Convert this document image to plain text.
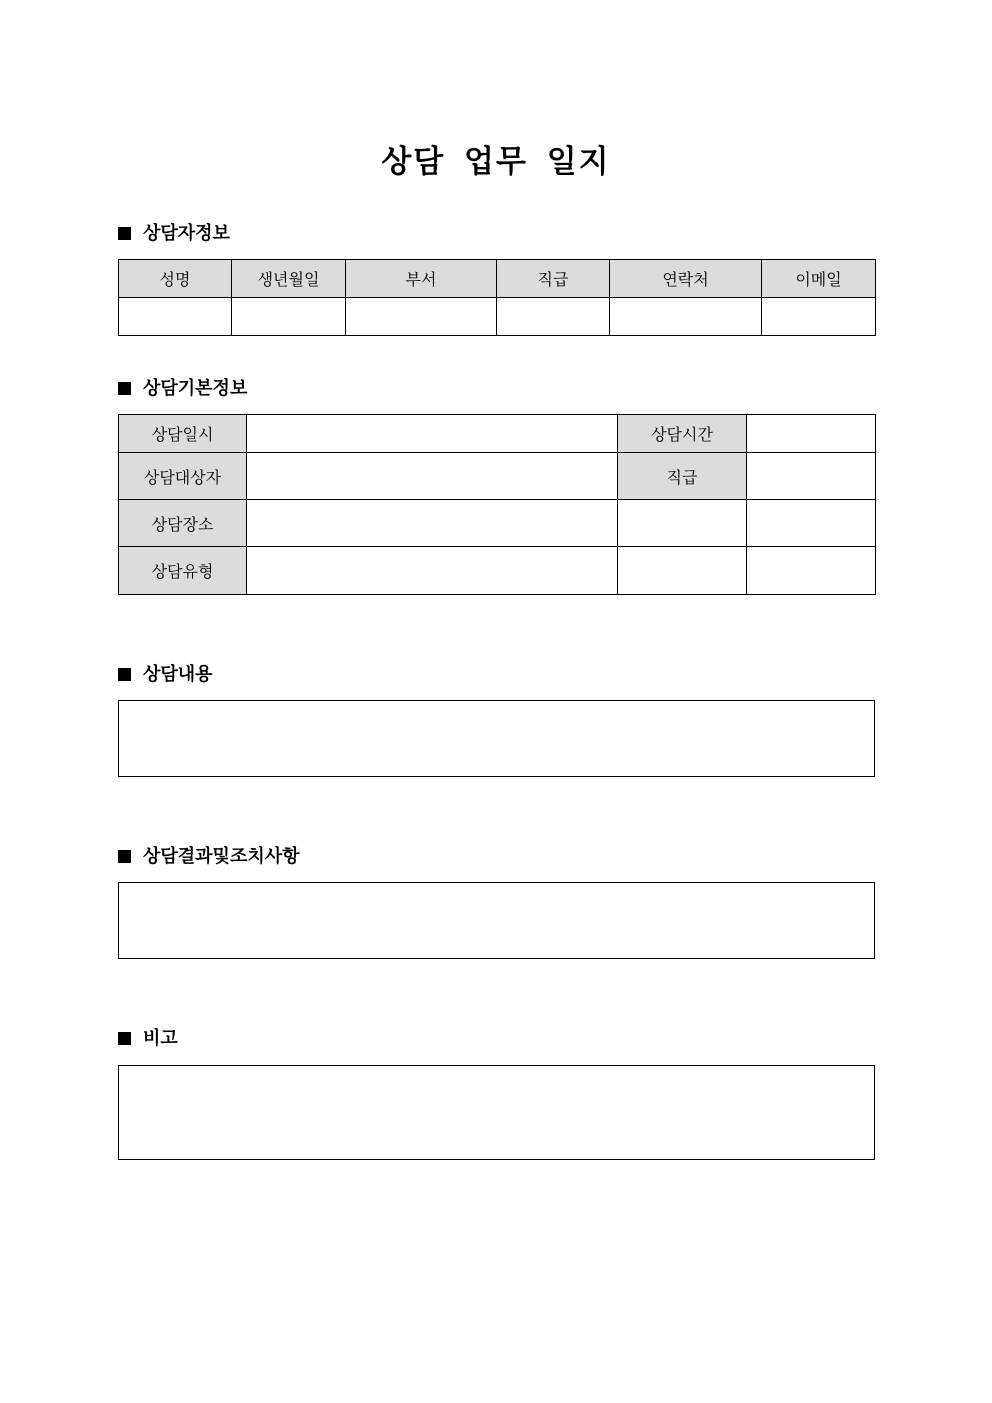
상담 업무 일지
상담자정보
성명	생년월일	부서	직급	연락처	이메일

상담기본정보
상담일시		상담시간	
상담대상자		직급	
상담장소			
상담유형			
상담내용
상담결과및조치사항
비고
